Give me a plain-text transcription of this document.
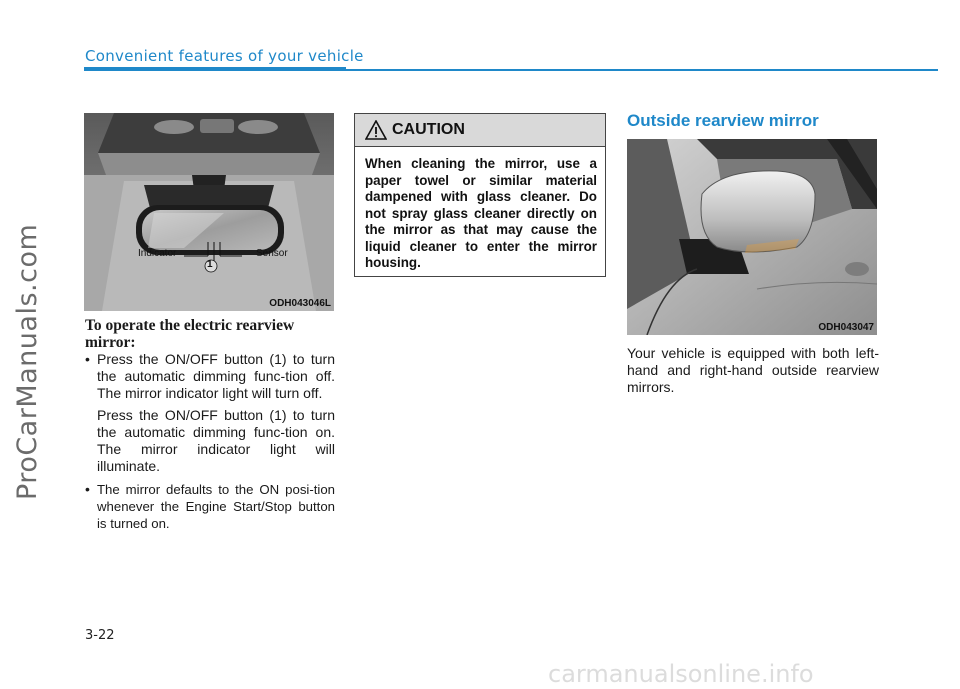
Convenient features of your vehicle
ProCarManuals.com
carmanualsonline.info
Indicator	Sensor
1
ODH043046L
To operate the electric rearview mirror:
• Press the ON/OFF button (1) to turn the automatic dimming func-tion off. The mirror indicator light will turn off.
Press the ON/OFF button (1) to turn the automatic dimming func-tion on. The mirror indicator light will illuminate.
• The mirror defaults to the ON posi-tion whenever the Engine Start/Stop button is turned on.
CAUTION
When cleaning the mirror, use a paper towel or similar material dampened with glass cleaner. Do not spray glass cleaner directly on the mirror as that may cause the liquid cleaner to enter the mirror housing.
Outside rearview mirror
ODH043047
Your vehicle is equipped with both left-hand and right-hand outside rearview mirrors.
3-22
